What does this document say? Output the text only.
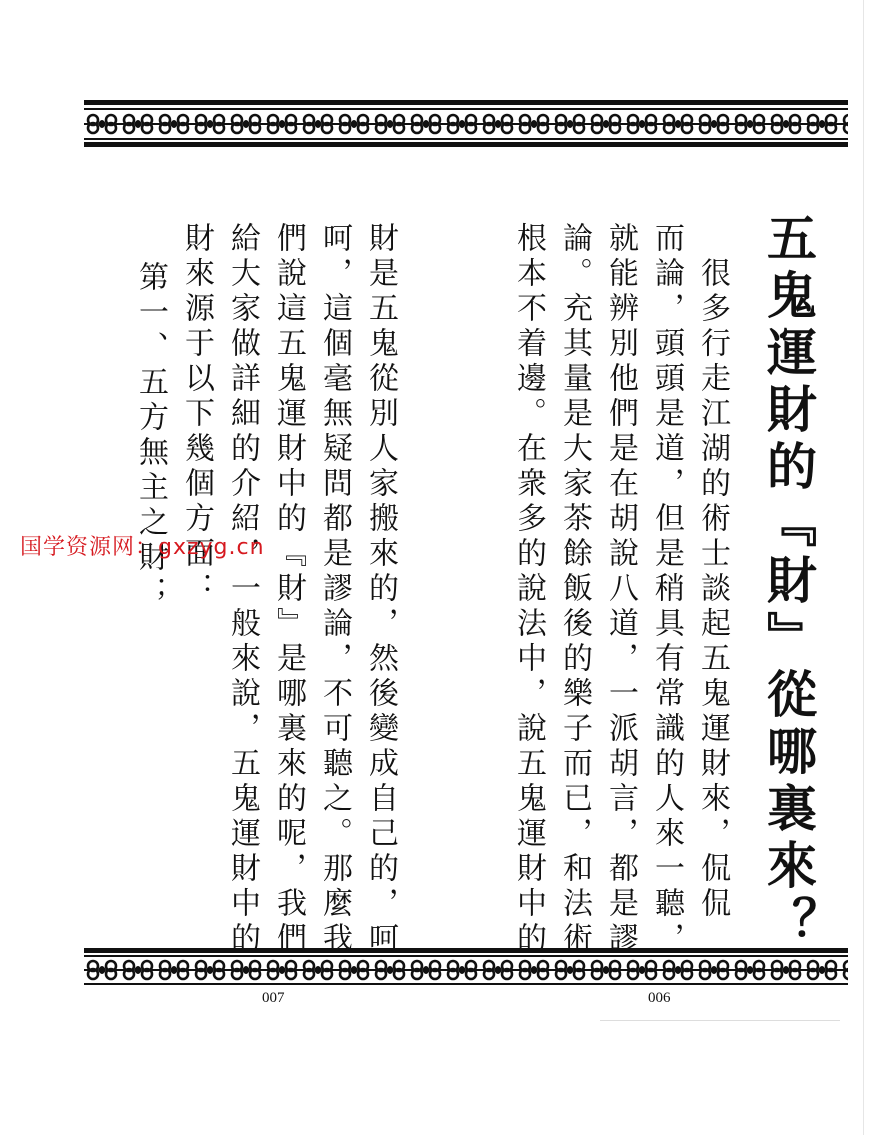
五鬼運財的『財』從哪裏來？
　很多行走江湖的術士談起五鬼運財來，侃侃
而論，頭頭是道，但是稍具有常識的人來一聽，
就能辨別他們是在胡說八道，一派胡言，都是謬
論。充其量是大家茶餘飯後的樂子而已，和法術
根本不着邊。在衆多的說法中，說五鬼運財中的
財是五鬼從別人家搬來的，然後變成自己的，呵
呵，這個毫無疑問都是謬論，不可聽之。那麼我
們說這五鬼運財中的『財』是哪裏來的呢，我們
給大家做詳細的介紹，一般來說，五鬼運財中的
財來源于以下幾個方面：
　第一、五方無主之財；
007	006
国学资源网：gxzyg.cn
